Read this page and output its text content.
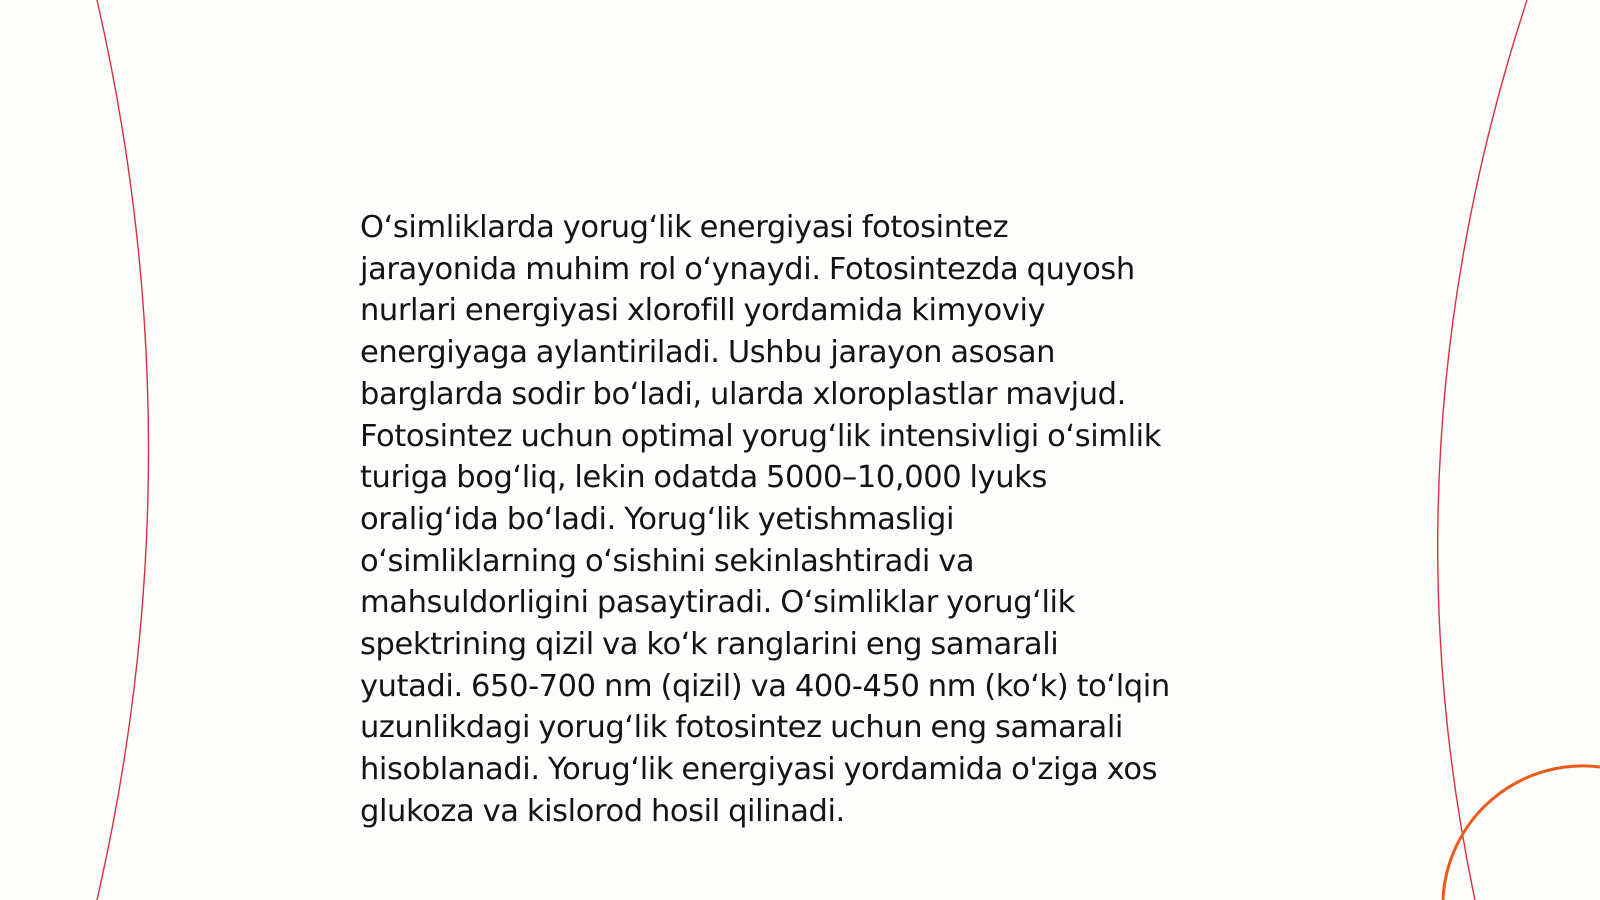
O‘simliklarda yorug‘lik energiyasi fotosintez
jarayonida muhim rol o‘ynaydi. Fotosintezda quyosh
nurlari energiyasi xlorofill yordamida kimyoviy
energiyaga aylantiriladi. Ushbu jarayon asosan
barglarda sodir bo‘ladi, ularda xloroplastlar mavjud.
Fotosintez uchun optimal yorug‘lik intensivligi o‘simlik
turiga bog‘liq, lekin odatda 5000–10,000 lyuks
oralig‘ida bo‘ladi. Yorug‘lik yetishmasligi
o‘simliklarning o‘sishini sekinlashtiradi va
mahsuldorligini pasaytiradi. O‘simliklar yorug‘lik
spektrining qizil va ko‘k ranglarini eng samarali
yutadi. 650-700 nm (qizil) va 400-450 nm (ko‘k) to‘lqin
uzunlikdagi yorug‘lik fotosintez uchun eng samarali
hisoblanadi. Yorug‘lik energiyasi yordamida o'ziga xos
glukoza va kislorod hosil qilinadi.
